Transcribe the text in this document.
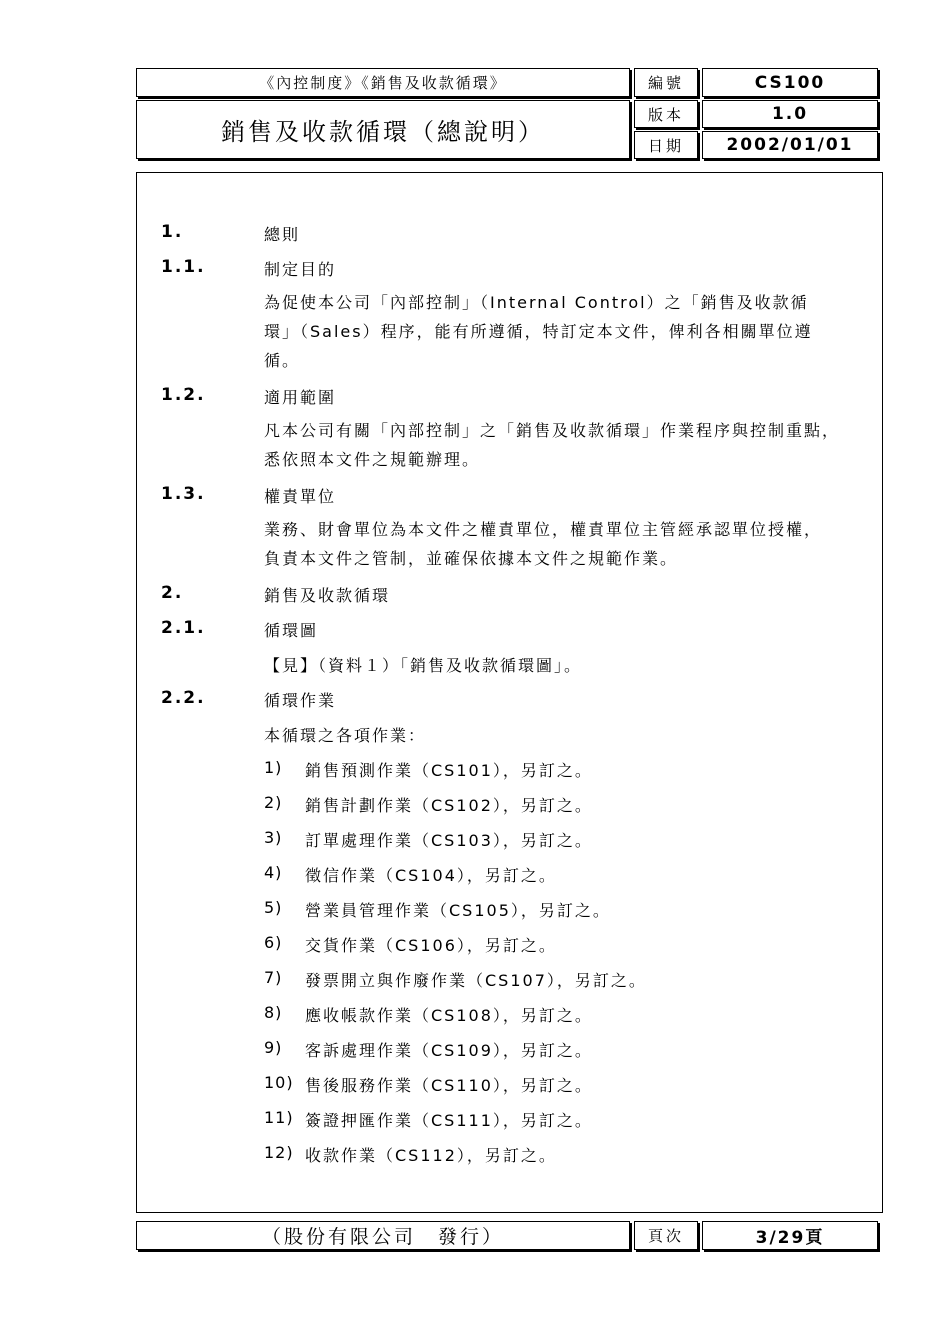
《內控制度》《銷售及收款循環》	編號	CS100
銷售及收款循環（總說明）
版本	1.0
日期	2002/01/01
1.	總則
1.1.	制定目的
為促使本公司「內部控制」（Internal Control）之「銷售及收款循
環」（Sales）程序，能有所遵循，特訂定本文件，俾利各相關單位遵
循。
1.2.	適用範圍
凡本公司有關「內部控制」之「銷售及收款循環」作業程序與控制重點，
悉依照本文件之規範辦理。
1.3.	權責單位
業務、財會單位為本文件之權責單位，權責單位主管經承認單位授權，
負責本文件之管制，並確保依據本文件之規範作業。
2.	銷售及收款循環
2.1.	循環圖
【見】（資料１）「銷售及收款循環圖」。
2.2.	循環作業
本循環之各項作業：
1) 銷售預測作業（CS101），另訂之。
2) 銷售計劃作業（CS102），另訂之。
3) 訂單處理作業（CS103），另訂之。
4) 徵信作業（CS104），另訂之。
5) 營業員管理作業（CS105），另訂之。
6) 交貨作業（CS106），另訂之。
7) 發票開立與作廢作業（CS107），另訂之。
8) 應收帳款作業（CS108），另訂之。
9) 客訴處理作業（CS109），另訂之。
10) 售後服務作業（CS110），另訂之。
11) 簽證押匯作業（CS111），另訂之。
12) 收款作業（CS112），另訂之。
（股份有限公司　發行）	頁次	3/29頁
